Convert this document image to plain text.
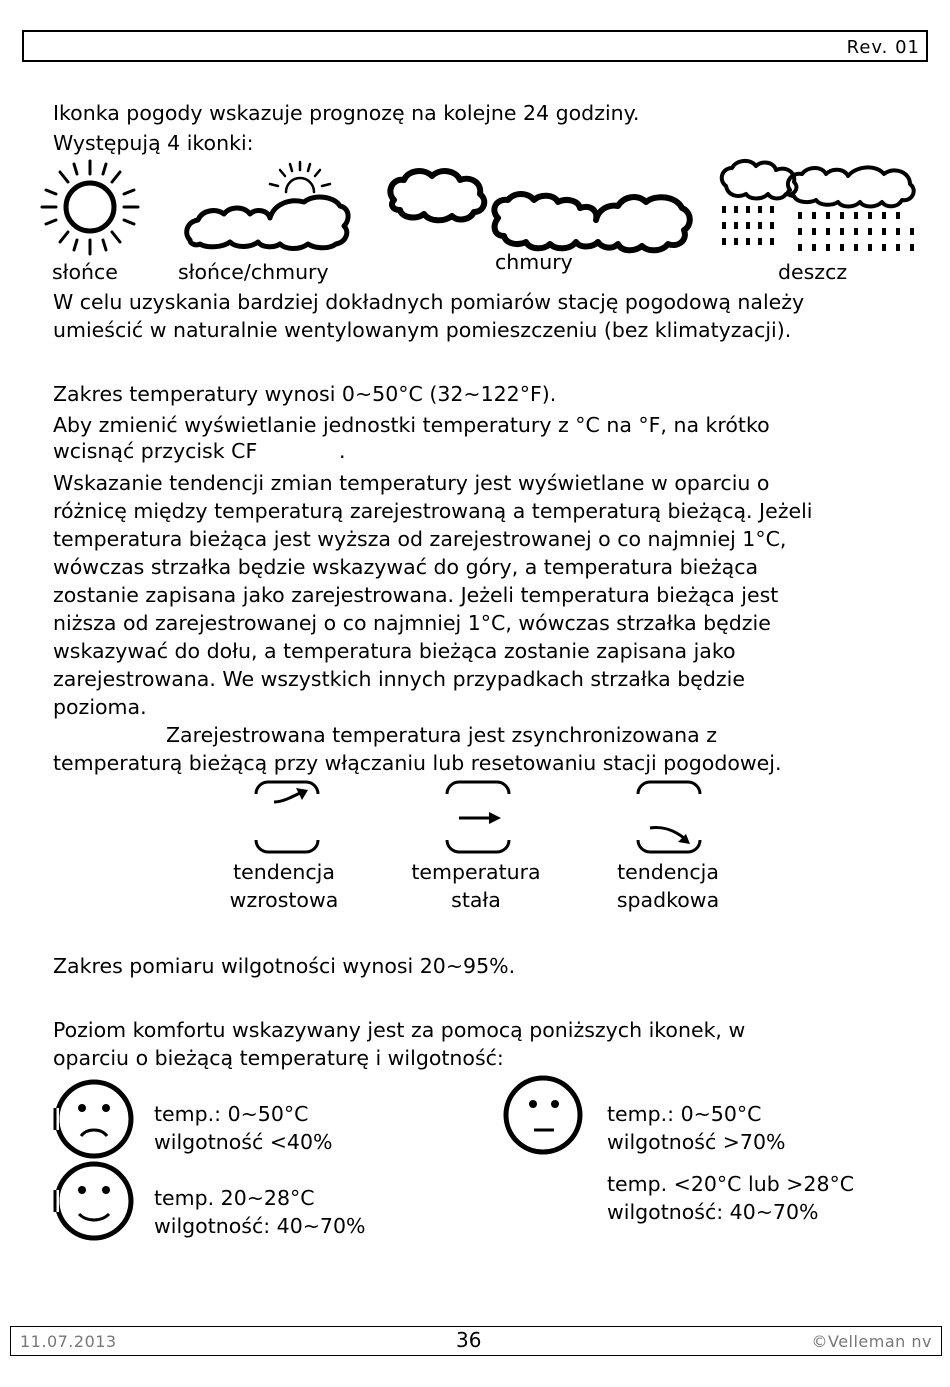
Rev. 01
Ikonka pogody wskazuje prognozę na kolejne 24 godziny.
Występują 4 ikonki:
słońce	słońce/chmury	chmury	deszcz
W celu uzyskania bardziej dokładnych pomiarów stację pogodową należy
umieścić w naturalnie wentylowanym pomieszczeniu (bez klimatyzacji).
Zakres temperatury wynosi 0~50°C (32~122°F).
Aby zmienić wyświetlanie jednostki temperatury z °C na °F, na krótko
wcisnąć przycisk CF	.
Wskazanie tendencji zmian temperatury jest wyświetlane w oparciu o
różnicę między temperaturą zarejestrowaną a temperaturą bieżącą. Jeżeli
temperatura bieżąca jest wyższa od zarejestrowanej o co najmniej 1°C,
wówczas strzałka będzie wskazywać do góry, a temperatura bieżąca
zostanie zapisana jako zarejestrowana. Jeżeli temperatura bieżąca jest
niższa od zarejestrowanej o co najmniej 1°C, wówczas strzałka będzie
wskazywać do dołu, a temperatura bieżąca zostanie zapisana jako
zarejestrowana. We wszystkich innych przypadkach strzałka będzie
pozioma.
Zarejestrowana temperatura jest zsynchronizowana z
temperaturą bieżącą przy włączaniu lub resetowaniu stacji pogodowej.
tendencja
wzrostowa
temperatura
stała
tendencja
spadkowa
Zakres pomiaru wilgotności wynosi 20~95%.
Poziom komfortu wskazywany jest za pomocą poniższych ikonek, w
oparciu o bieżącą temperaturę i wilgotność:
temp.: 0~50°C
wilgotność <40%
temp.: 0~50°C
wilgotność >70%
temp. 20~28°C
wilgotność: 40~70%
temp. <20°C lub >28°C
wilgotność: 40~70%
11.07.2013	36	©Velleman nv
